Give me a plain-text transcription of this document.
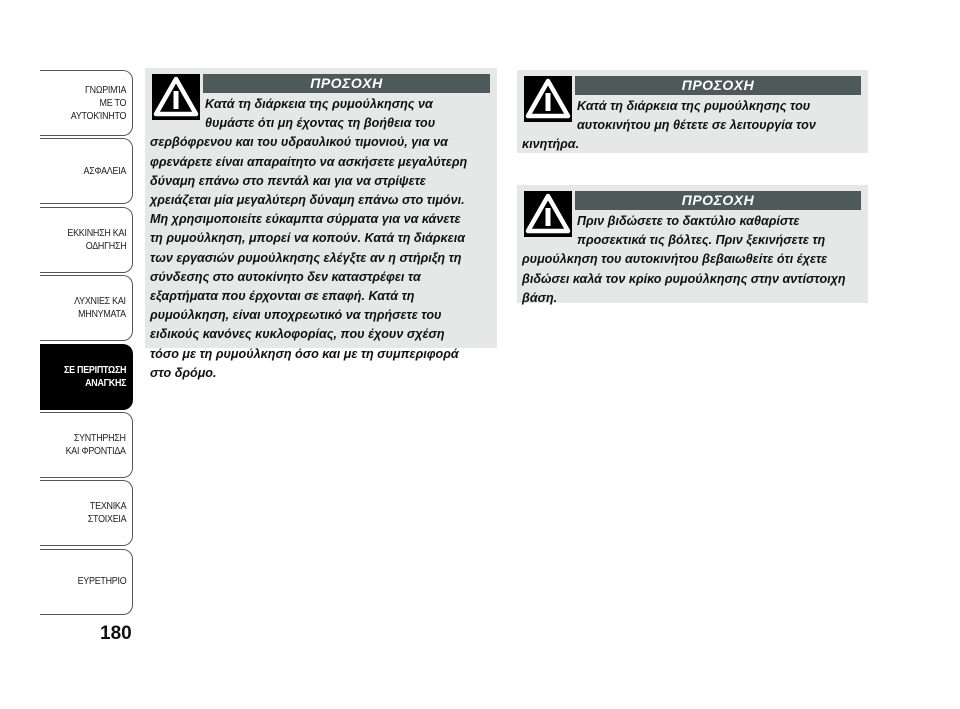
ΓΝΩΡΙΜΊΑ
ΜΕ ΤΟ
ΑΥΤΟΚΊΝΗΤΟ
ΑΣΦΑΛΕΙΑ
ΕΚΚΙΝΗΣΗ ΚΑΙ
ΟΔΗΓΗΣΗ
ΛΥΧΝΙΕΣ ΚΑΙ
ΜΗΝΥΜΑΤΑ
ΣΕ ΠΕΡΙΠΤΩΣΗ
ΑΝΑΓΚΗΣ
ΣΥΝΤΗΡΗΣΗ
ΚΑΙ ΦΡΟΝΤΙΔΑ
ΤΕΧΝΙΚΑ
ΣΤΟΙΧΕΙΑ
ΕΥΡΕΤΗΡΙΟ
180
ΠΡΟΣΟΧΗ
Κατά τη διάρκεια της ρυμούλκησης να
θυμάστε ότι μη έχοντας τη βοήθεια του
σερβόφρενου και του υδραυλικού τιμονιού, για να
φρενάρετε είναι απαραίτητο να ασκήσετε μεγαλύτερη
δύναμη επάνω στο πεντάλ και για να στρίψετε
χρειάζεται μία μεγαλύτερη δύναμη επάνω στο τιμόνι.
Μη χρησιμοποιείτε εύκαμπτα σύρματα για να κάνετε
τη ρυμούλκηση, μπορεί να κοπούν. Κατά τη διάρκεια
των εργασιών ρυμούλκησης ελέγξτε αν η στήριξη τη
σύνδεσης στο αυτοκίνητο δεν καταστρέφει τα
εξαρτήματα που έρχονται σε επαφή. Κατά τη
ρυμούλκηση, είναι υποχρεωτικό να τηρήσετε του
ειδικούς κανόνες κυκλοφορίας, που έχουν σχέση
τόσο με τη ρυμούλκηση όσο και με τη συμπεριφορά
στο δρόμο.
ΠΡΟΣΟΧΗ
Κατά τη διάρκεια της ρυμούλκησης του
αυτοκινήτου μη θέτετε σε λειτουργία τον
κινητήρα.
ΠΡΟΣΟΧΗ
Πριν βιδώσετε το δακτύλιο καθαρίστε
προσεκτικά τις βόλτες. Πριν ξεκινήσετε τη
ρυμούλκηση του αυτοκινήτου βεβαιωθείτε ότι έχετε
βιδώσει καλά τον κρίκο ρυμούλκησης στην αντίστοιχη
βάση.
